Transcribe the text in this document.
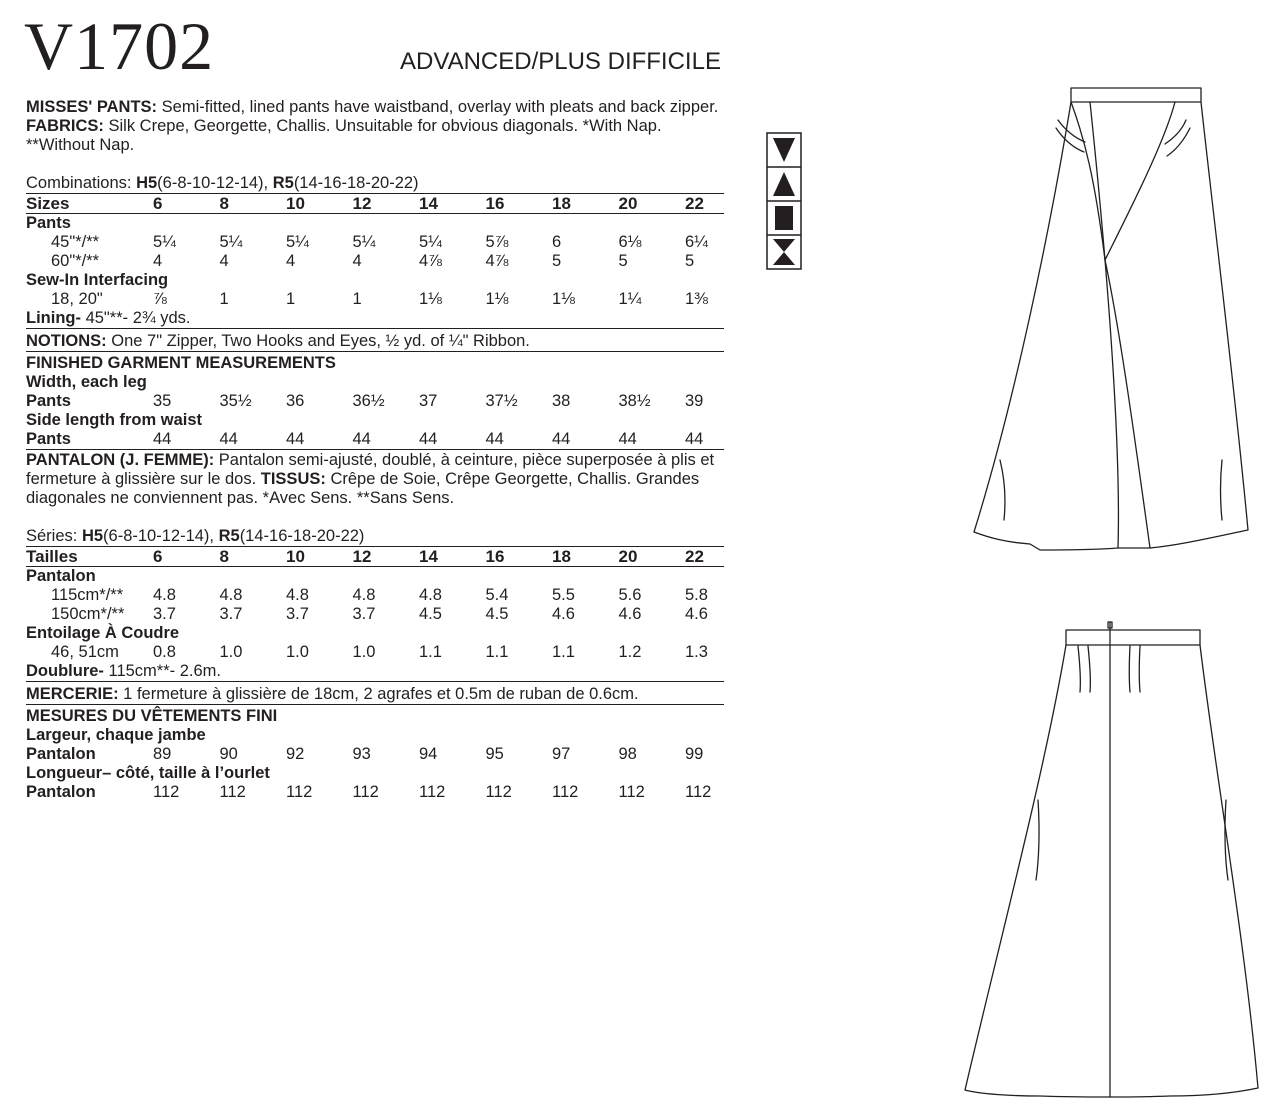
V1702	ADVANCED/PLUS DIFFICILE
MISSES' PANTS: Semi-fitted, lined pants have waistband, overlay with pleats and back zipper. FABRICS: Silk Crepe, Georgette, Challis. Unsuitable for obvious diagonals. *With Nap. **Without Nap.
Combinations: H5(6-8-10-12-14), R5(14-16-18-20-22)
Sizes	6	8	10	12	14	16	18	20	22
Pants
45"*/**	5¼	5¼	5¼	5¼	5¼	5⅞	6	6⅛	6¼
60"*/**	4	4	4	4	4⅞	4⅞	5	5	5
Sew-In Interfacing
18, 20"	⅞	1	1	1	1⅛	1⅛	1⅛	1¼	1⅜
Lining- 45"**- 2¾ yds.
NOTIONS: One 7" Zipper, Two Hooks and Eyes, ½ yd. of ¼" Ribbon.
FINISHED GARMENT MEASUREMENTS
Width, each leg
Pants	35	35½	36	36½	37	37½	38	38½	39
Side length from waist
Pants	44	44	44	44	44	44	44	44	44
PANTALON (J. FEMME): Pantalon semi-ajusté, doublé, à ceinture, pièce superposée à plis et fermeture à glissière sur le dos. TISSUS: Crêpe de Soie, Crêpe Georgette, Challis. Grandes diagonales ne conviennent pas. *Avec Sens. **Sans Sens.
Séries: H5(6-8-10-12-14), R5(14-16-18-20-22)
Tailles	6	8	10	12	14	16	18	20	22
Pantalon
115cm*/**	4.8	4.8	4.8	4.8	4.8	5.4	5.5	5.6	5.8
150cm*/**	3.7	3.7	3.7	3.7	4.5	4.5	4.6	4.6	4.6
Entoilage À Coudre
46, 51cm	0.8	1.0	1.0	1.0	1.1	1.1	1.1	1.2	1.3
Doublure- 115cm**- 2.6m.
MERCERIE: 1 fermeture à glissière de 18cm, 2 agrafes et 0.5m de ruban de 0.6cm.
MESURES DU VÊTEMENTS FINI
Largeur, chaque jambe
Pantalon	89	90	92	93	94	95	97	98	99
Longueur– côté, taille à l’ourlet
Pantalon	112	112	112	112	112	112	112	112	112
